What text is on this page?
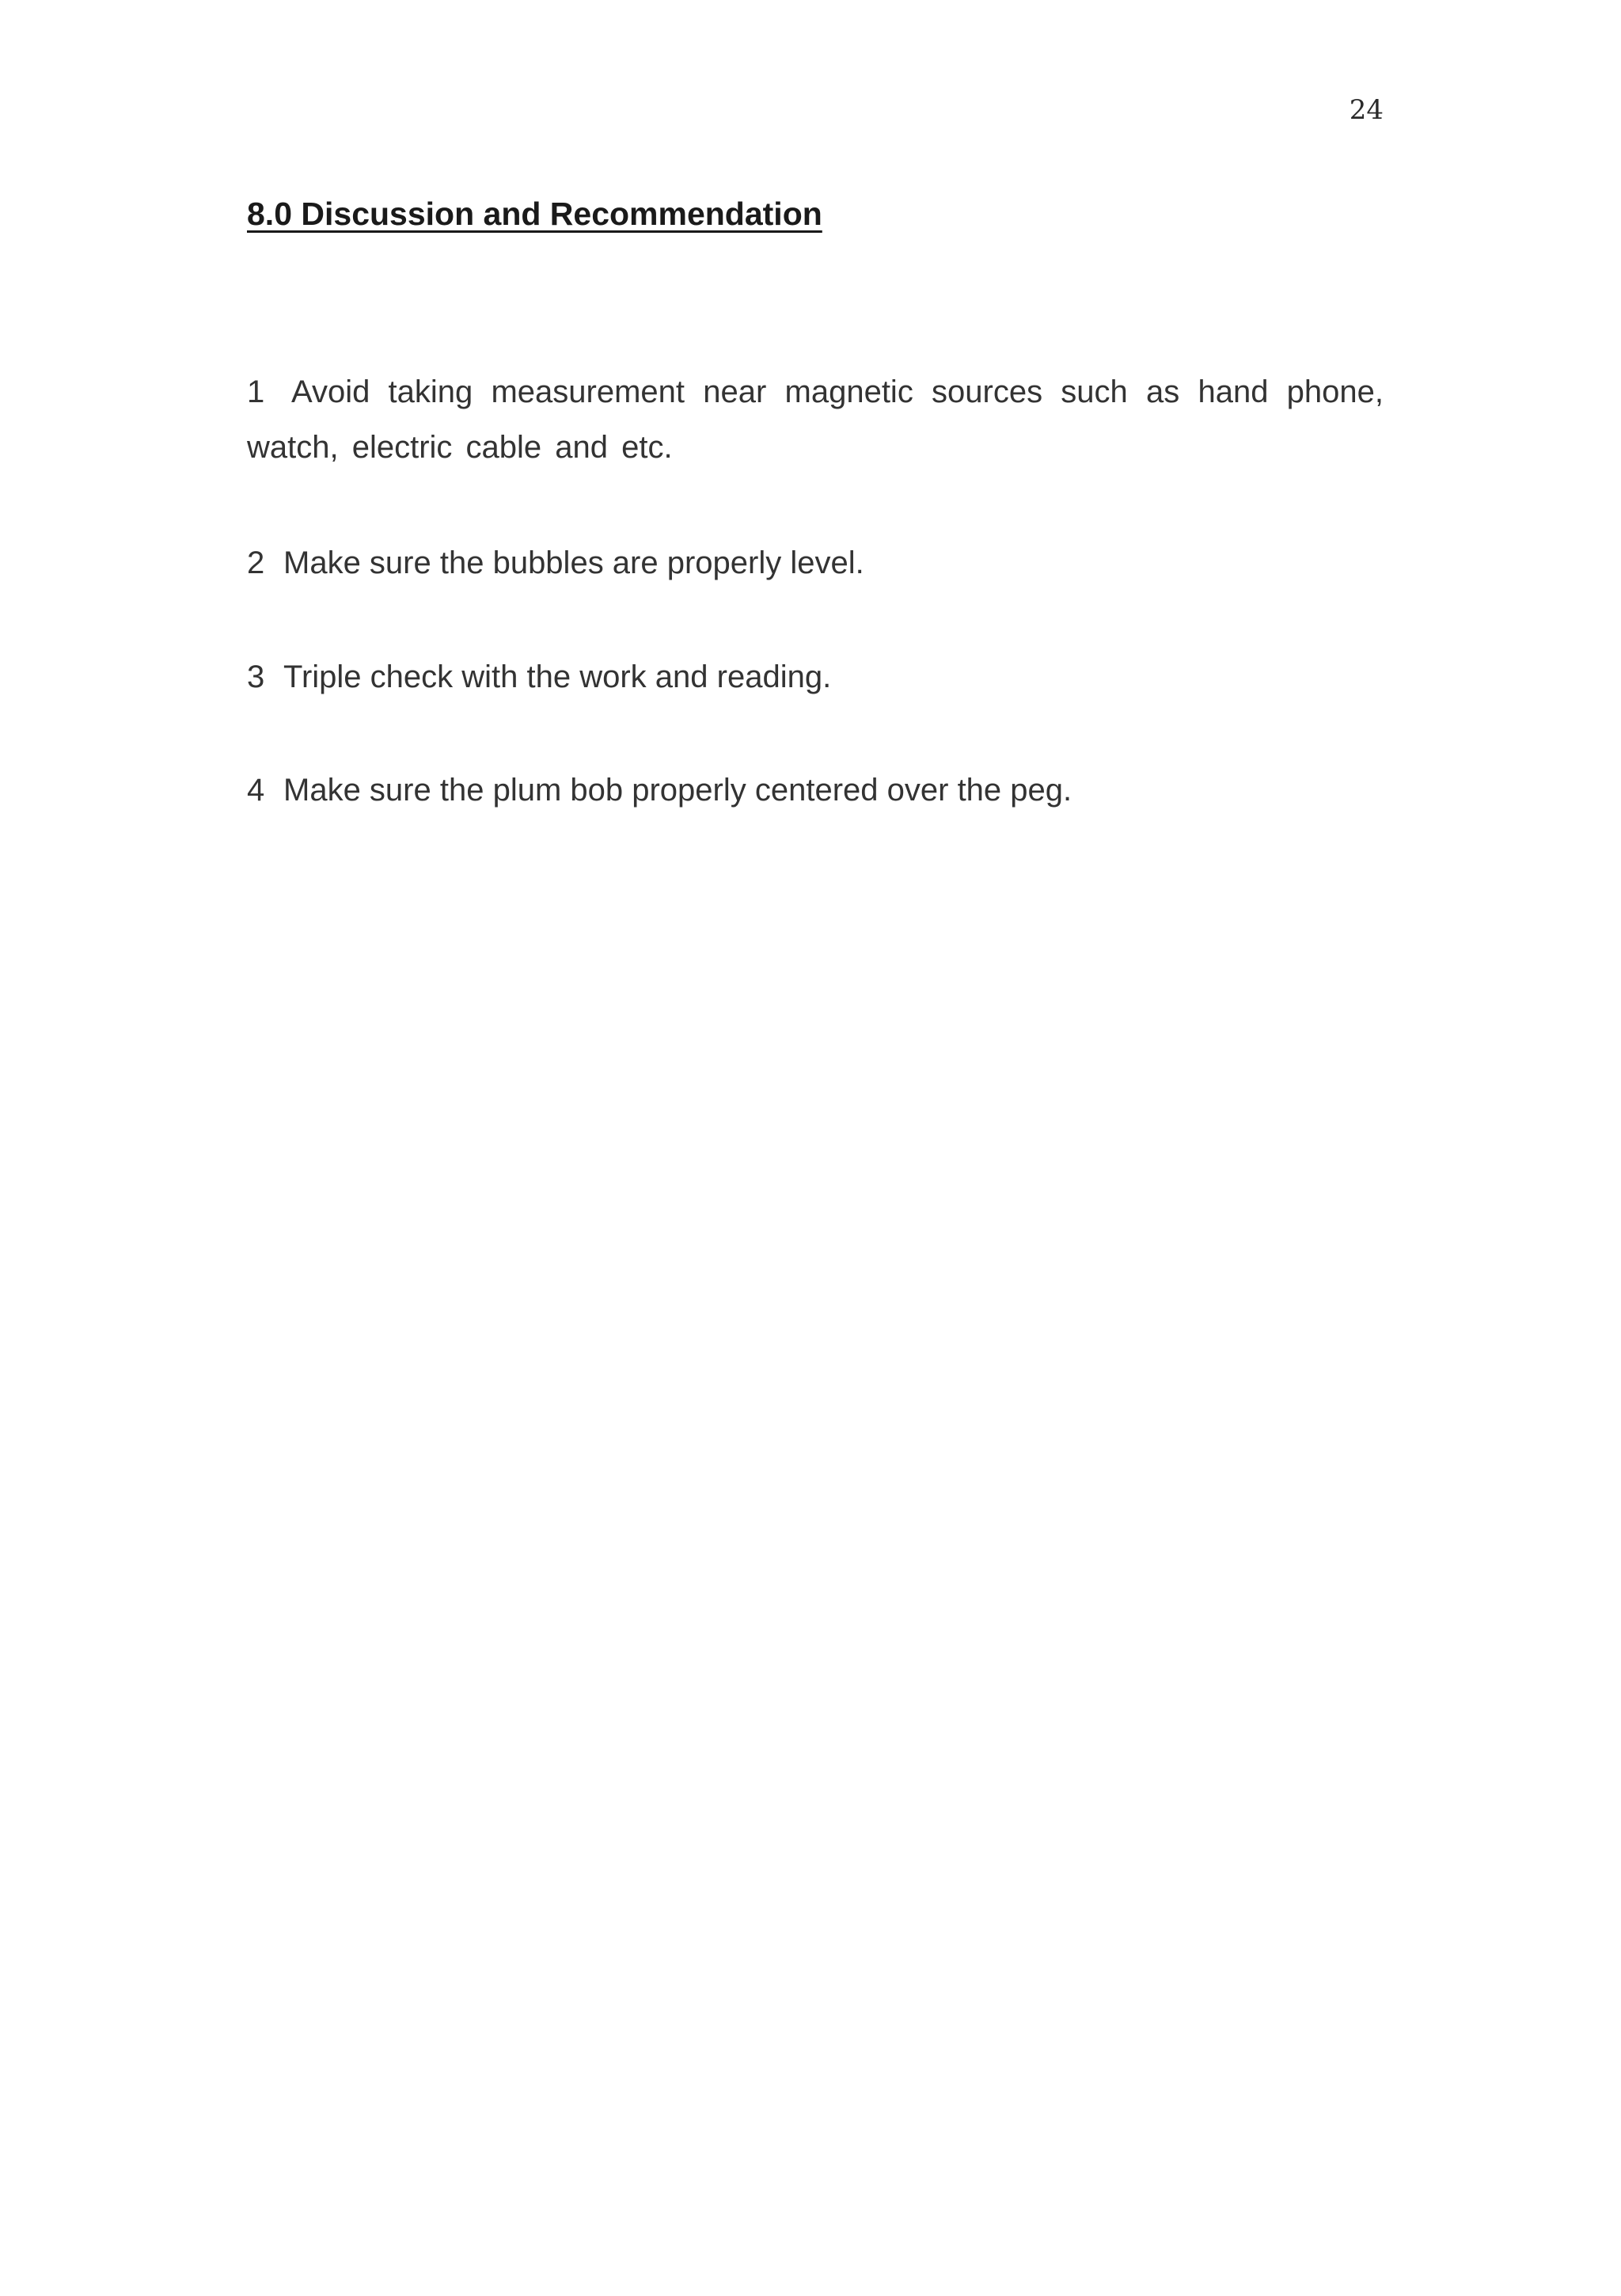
24
8.0 Discussion and Recommendation

1 Avoid taking measurement near magnetic sources such as hand phone, watch, electric cable and etc.

2 Make sure the bubbles are properly level.

3 Triple check with the work and reading.

4 Make sure the plum bob properly centered over the peg.
